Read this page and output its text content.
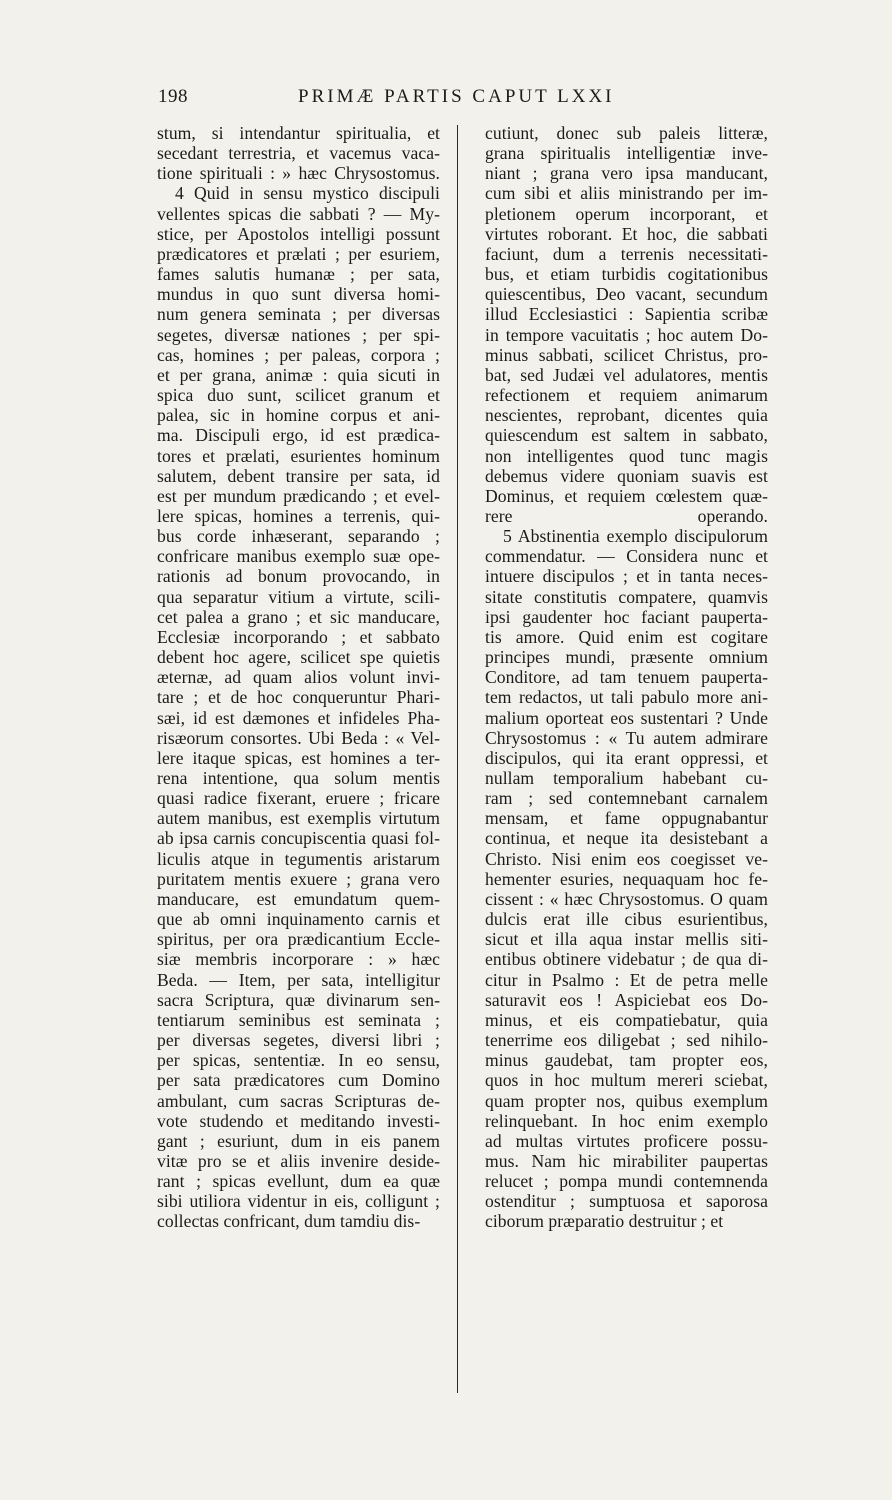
198	PRIMÆ PARTIS CAPUT LXXI
stum, si intendantur spiritualia, et
secedant terrestria, et vacemus vaca-
tione spirituali : » hæc Chrysostomus.
4 Quid in sensu mystico discipuli
vellentes spicas die sabbati ? — My-
stice, per Apostolos intelligi possunt
prædicatores et prælati ; per esuriem,
fames salutis humanæ ; per sata,
mundus in quo sunt diversa homi-
num genera seminata ; per diversas
segetes, diversæ nationes ; per spi-
cas, homines ; per paleas, corpora ;
et per grana, animæ : quia sicuti in
spica duo sunt, scilicet granum et
palea, sic in homine corpus et ani-
ma. Discipuli ergo, id est prædica-
tores et prælati, esurientes hominum
salutem, debent transire per sata, id
est per mundum prædicando ; et evel-
lere spicas, homines a terrenis, qui-
bus corde inhæserant, separando ;
confricare manibus exemplo suæ ope-
rationis ad bonum provocando, in
qua separatur vitium a virtute, scili-
cet palea a grano ; et sic manducare,
Ecclesiæ incorporando ; et sabbato
debent hoc agere, scilicet spe quietis
æternæ, ad quam alios volunt invi-
tare ; et de hoc conqueruntur Phari-
sæi, id est dæmones et infideles Pha-
risæorum consortes. Ubi Beda : « Vel-
lere itaque spicas, est homines a ter-
rena intentione, qua solum mentis
quasi radice fixerant, eruere ; fricare
autem manibus, est exemplis virtutum
ab ipsa carnis concupiscentia quasi fol-
liculis atque in tegumentis aristarum
puritatem mentis exuere ; grana vero
manducare, est emundatum quem-
que ab omni inquinamento carnis et
spiritus, per ora prædicantium Eccle-
siæ membris incorporare : » hæc
Beda. — Item, per sata, intelligitur
sacra Scriptura, quæ divinarum sen-
tentiarum seminibus est seminata ;
per diversas segetes, diversi libri ;
per spicas, sententiæ. In eo sensu,
per sata prædicatores cum Domino
ambulant, cum sacras Scripturas de-
vote studendo et meditando investi-
gant ; esuriunt, dum in eis panem
vitæ pro se et aliis invenire deside-
rant ; spicas evellunt, dum ea quæ
sibi utiliora videntur in eis, colligunt ;
collectas confricant, dum tamdiu dis-
cutiunt, donec sub paleis litteræ,
grana spiritualis intelligentiæ inve-
niant ; grana vero ipsa manducant,
cum sibi et aliis ministrando per im-
pletionem operum incorporant, et
virtutes roborant. Et hoc, die sabbati
faciunt, dum a terrenis necessitati-
bus, et etiam turbidis cogitationibus
quiescentibus, Deo vacant, secundum
illud Ecclesiastici : Sapientia scribæ
in tempore vacuitatis ; hoc autem Do-
minus sabbati, scilicet Christus, pro-
bat, sed Judæi vel adulatores, mentis
refectionem et requiem animarum
nescientes, reprobant, dicentes quia
quiescendum est saltem in sabbato,
non intelligentes quod tunc magis
debemus videre quoniam suavis est
Dominus, et requiem cœlestem quæ-
rere operando.
5 Abstinentia exemplo discipulorum
commendatur. — Considera nunc et
intuere discipulos ; et in tanta neces-
sitate constitutis compatere, quamvis
ipsi gaudenter hoc faciant pauperta-
tis amore. Quid enim est cogitare
principes mundi, præsente omnium
Conditore, ad tam tenuem pauperta-
tem redactos, ut tali pabulo more ani-
malium oporteat eos sustentari ? Unde
Chrysostomus : « Tu autem admirare
discipulos, qui ita erant oppressi, et
nullam temporalium habebant cu-
ram ; sed contemnebant carnalem
mensam, et fame oppugnabantur
continua, et neque ita desistebant a
Christo. Nisi enim eos coegisset ve-
hementer esuries, nequaquam hoc fe-
cissent : « hæc Chrysostomus. O quam
dulcis erat ille cibus esurientibus,
sicut et illa aqua instar mellis siti-
entibus obtinere videbatur ; de qua di-
citur in Psalmo : Et de petra melle
saturavit eos ! Aspiciebat eos Do-
minus, et eis compatiebatur, quia
tenerrime eos diligebat ; sed nihilo-
minus gaudebat, tam propter eos,
quos in hoc multum mereri sciebat,
quam propter nos, quibus exemplum
relinquebant. In hoc enim exemplo
ad multas virtutes proficere possu-
mus. Nam hic mirabiliter paupertas
relucet ; pompa mundi contemnenda
ostenditur ; sumptuosa et saporosa
ciborum præparatio destruitur ; et
